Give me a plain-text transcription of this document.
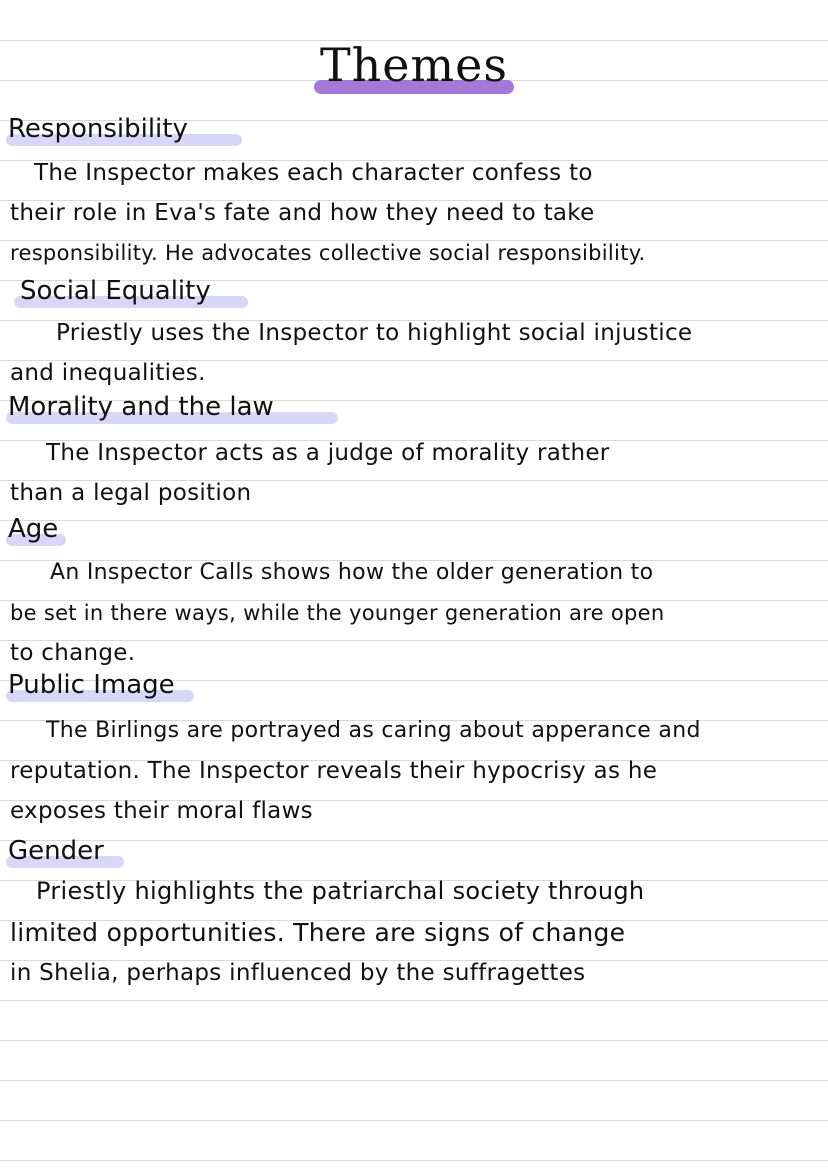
Themes
Responsibility
The Inspector makes each character confess to
their role in Eva's fate and how they need to take
responsibility. He advocates collective social responsibility.
Social Equality
Priestly uses the Inspector to highlight social injustice
and inequalities.
Morality and the law
The Inspector acts as a judge of morality rather
than a legal position
Age
An Inspector Calls shows how the older generation to
be set in there ways, while the younger generation are open
to change.
Public Image
The Birlings are portrayed as caring about apperance and
reputation. The Inspector reveals their hypocrisy as he
exposes their moral flaws
Gender
Priestly highlights the patriarchal society through
limited opportunities. There are signs of change
in Shelia, perhaps influenced by the suffragettes
